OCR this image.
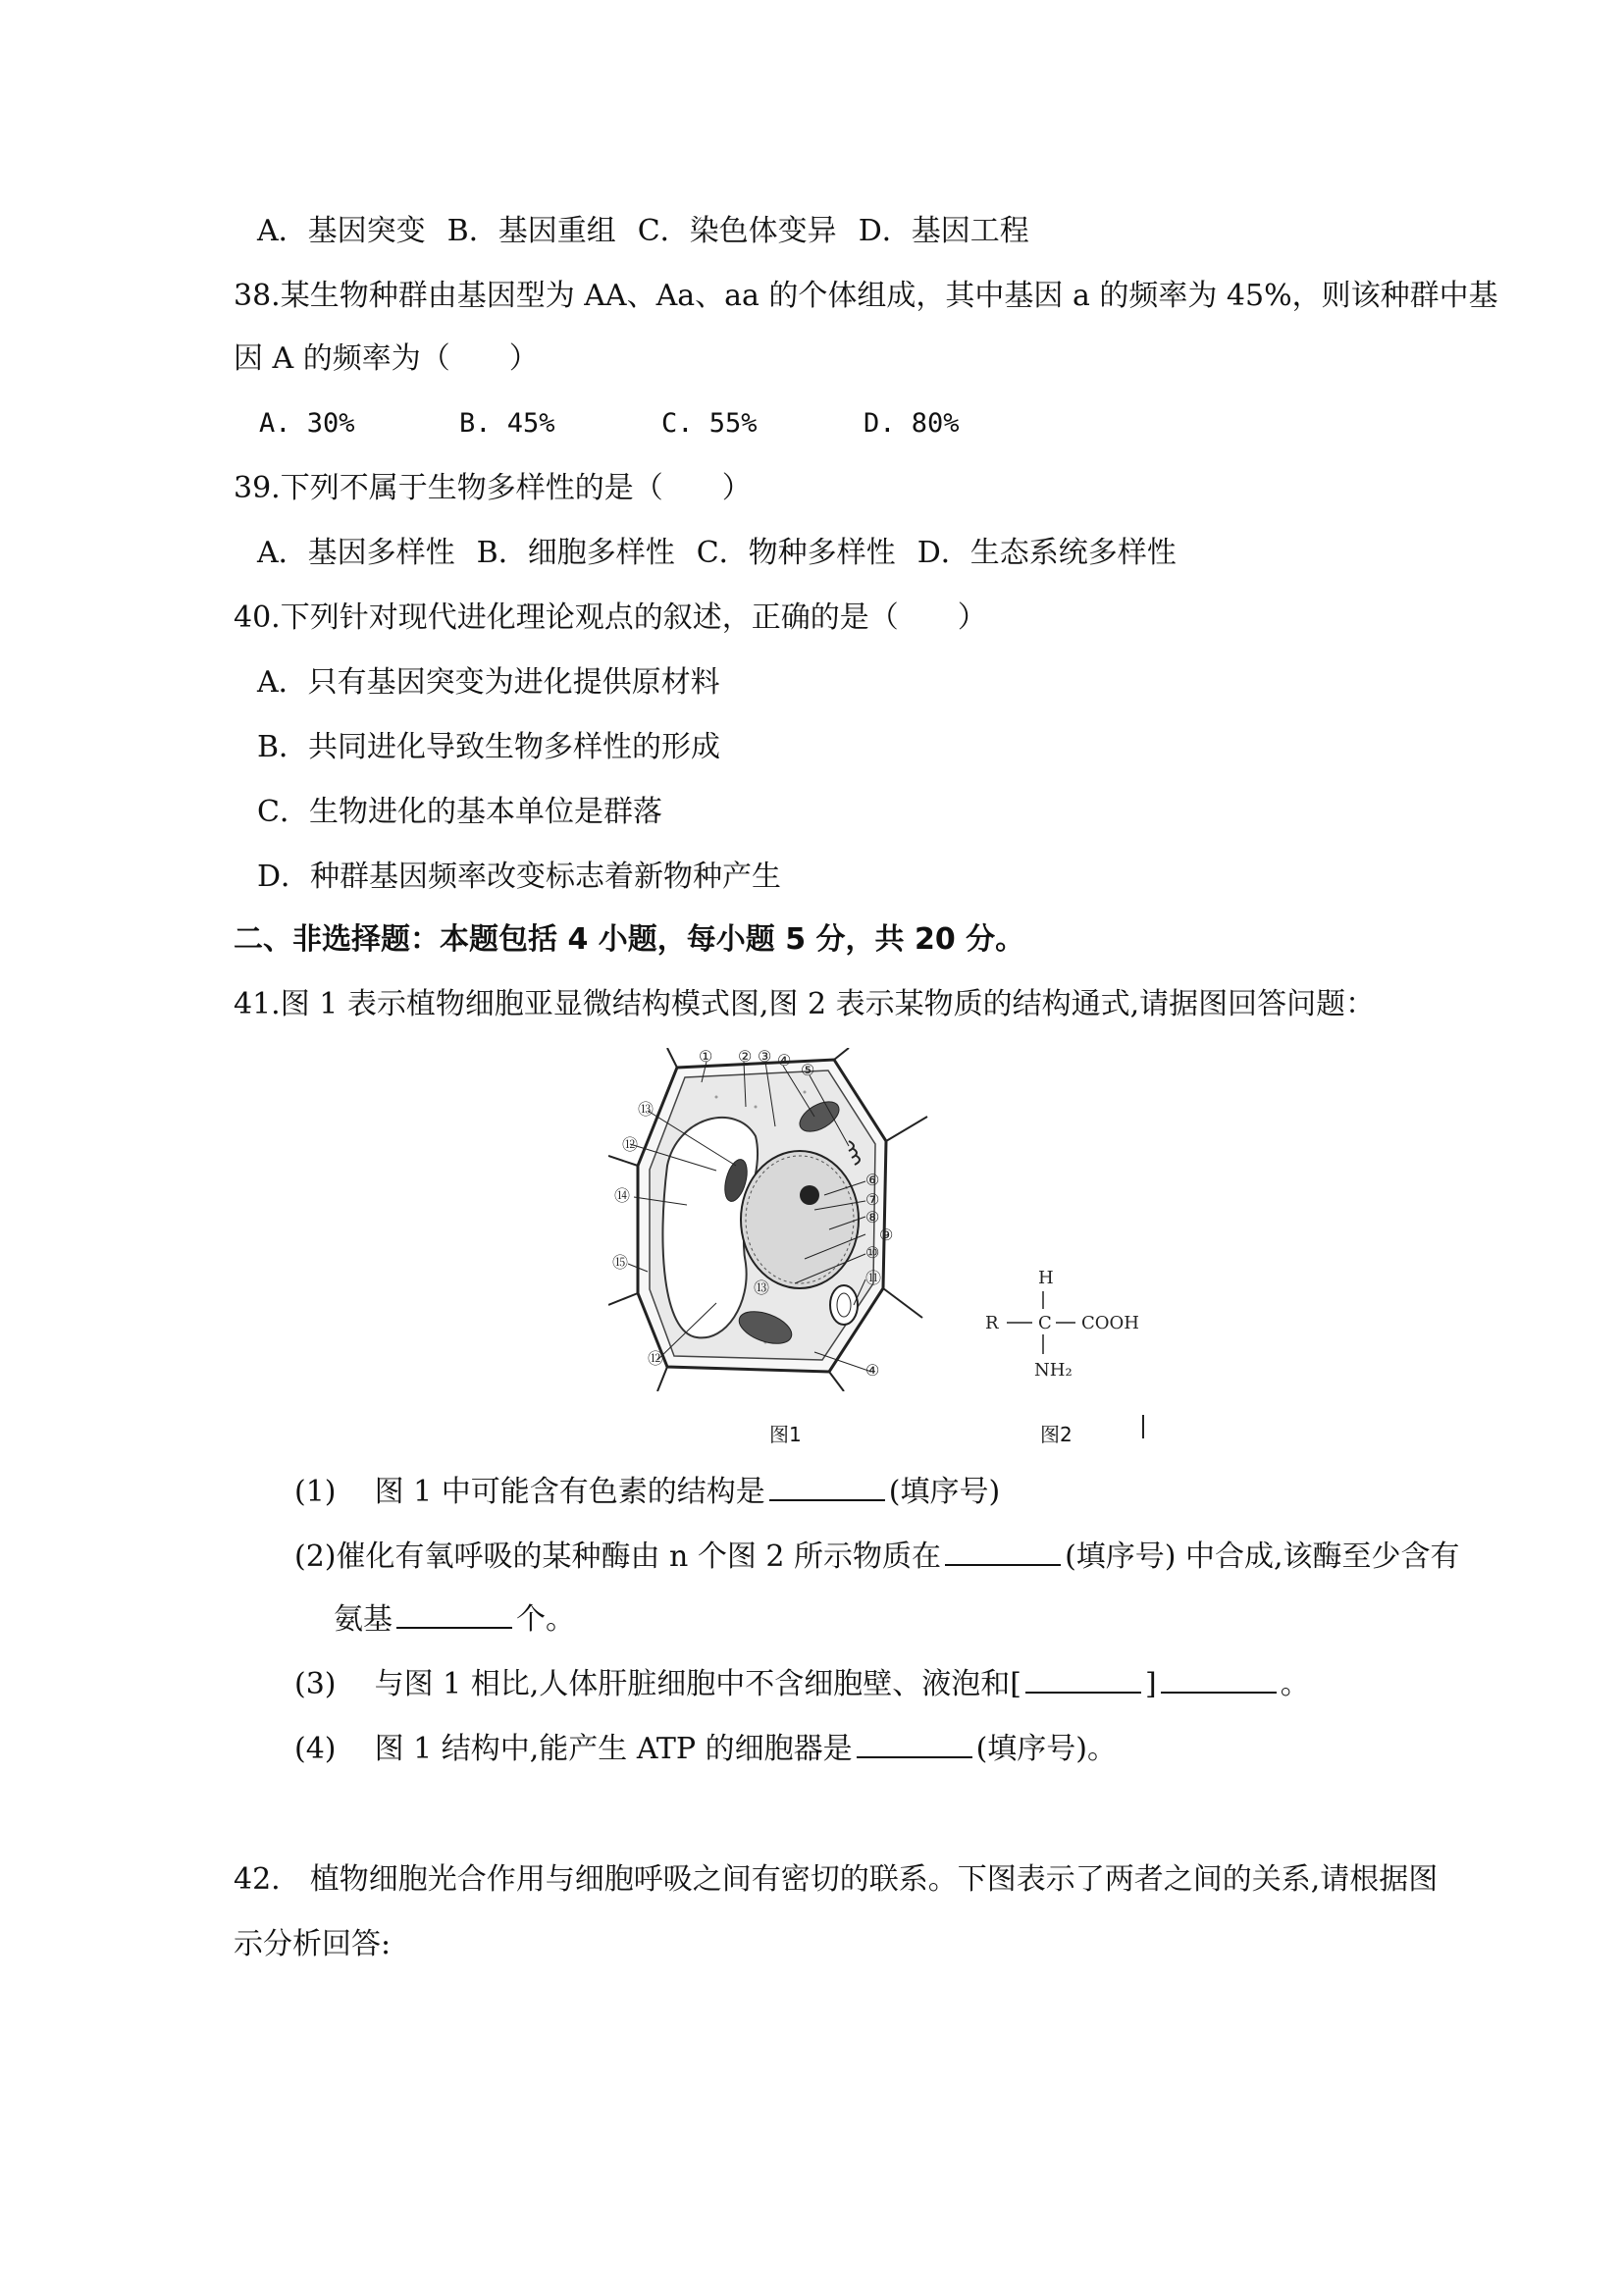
A．基因突变 B．基因重组 C．染色体变异 D．基因工程
38.某生物种群由基因型为 AA、Aa、aa 的个体组成，其中基因 a 的频率为 45%，则该种群中基
因 A 的频率为（　　）
A. 30%	B. 45%	C. 55%	D. 80%
39.下列不属于生物多样性的是（　　）
A．基因多样性 B．细胞多样性 C．物种多样性 D．生态系统多样性
40.下列针对现代进化理论观点的叙述，正确的是（　　）
A．只有基因突变为进化提供原材料
B．共同进化导致生物多样性的形成
C．生物进化的基本单位是群落
D．种群基因频率改变标志着新物种产生
二、非选择题：本题包括 4 小题，每小题 5 分，共 20 分。
41.图 1 表示植物细胞亚显微结构模式图,图 2 表示某物质的结构通式,请据图回答问题：
① ② ③ ④
⑤
⑥
⑦
⑧
⑨
⑩
⑪
⑫
⑬
⑭
⑮
⑫
⑬
④
图1
H
R C COOH
NH₂
图2
(1) 图 1 中可能含有色素的结构是	(填序号)
(2)催化有氧呼吸的某种酶由 n 个图 2 所示物质在	(填序号) 中合成,该酶至少含有
氨基	个。
(3) 与图 1 相比,人体肝脏细胞中不含细胞壁、液泡和[	]	。
(4) 图 1 结构中,能产生 ATP 的细胞器是	(填序号)。
42.　植物细胞光合作用与细胞呼吸之间有密切的联系。下图表示了两者之间的关系,请根据图
示分析回答:
